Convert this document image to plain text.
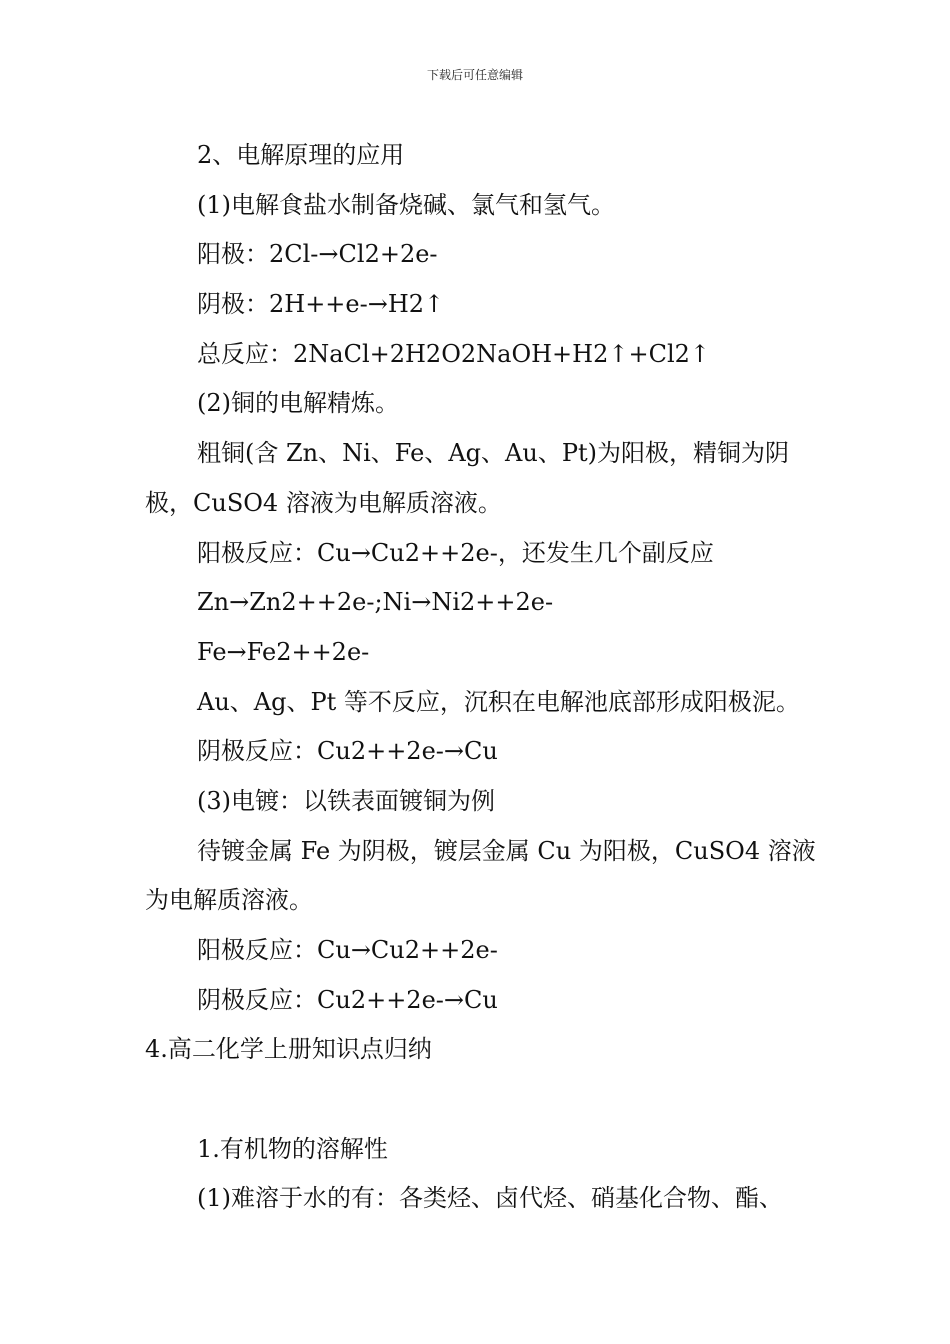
下载后可任意编辑
2、电解原理的应用
(1)电解食盐水制备烧碱、氯气和氢气。
阳极：2Cl-→Cl2+2e-
阴极：2H++e-→H2↑
总反应：2NaCl+2H2O2NaOH+H2↑+Cl2↑
(2)铜的电解精炼。
粗铜(含 Zn、Ni、Fe、Ag、Au、Pt)为阳极，精铜为阴
极，CuSO4 溶液为电解质溶液。
阳极反应：Cu→Cu2++2e-，还发生几个副反应
Zn→Zn2++2e-;Ni→Ni2++2e-
Fe→Fe2++2e-
Au、Ag、Pt 等不反应，沉积在电解池底部形成阳极泥。
阴极反应：Cu2++2e-→Cu
(3)电镀：以铁表面镀铜为例
待镀金属 Fe 为阴极，镀层金属 Cu 为阳极，CuSO4 溶液
为电解质溶液。
阳极反应：Cu→Cu2++2e-
阴极反应：Cu2++2e-→Cu
4.高二化学上册知识点归纳
1.有机物的溶解性
(1)难溶于水的有：各类烃、卤代烃、硝基化合物、酯、
